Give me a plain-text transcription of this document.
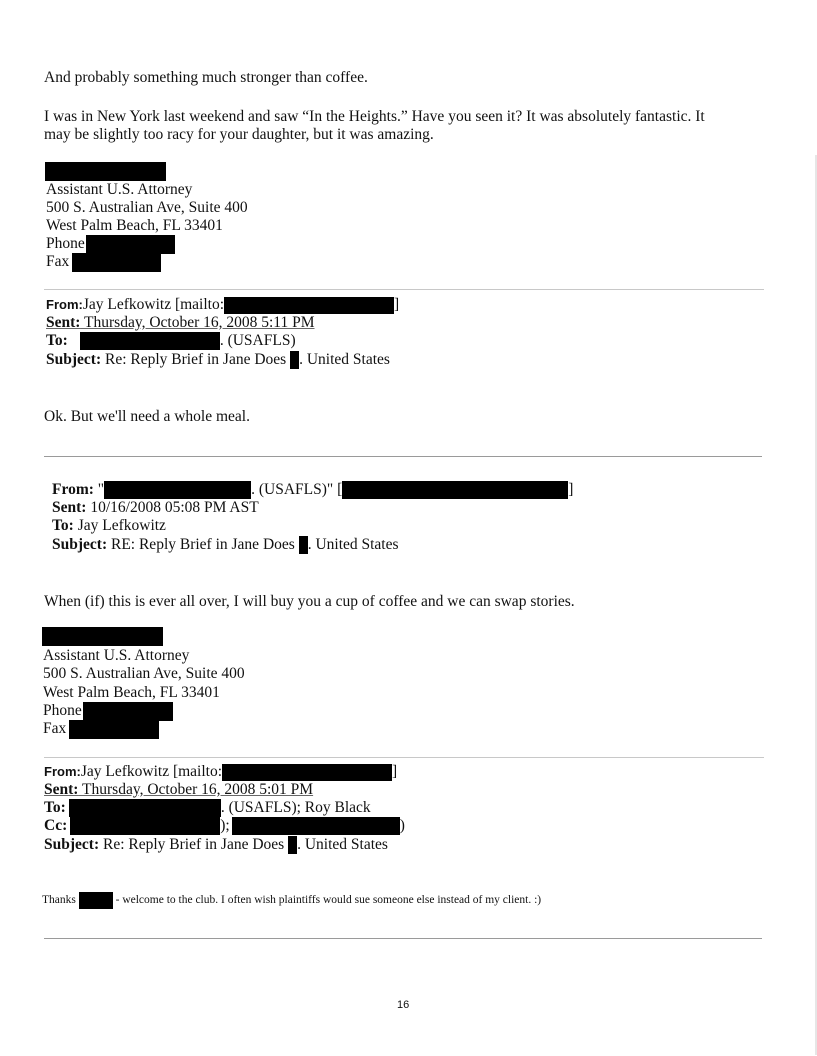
And probably something much stronger than coffee.
I was in New York last weekend and saw “In the Heights.” Have you seen it? It was absolutely fantastic. It
may be slightly too racy for your daughter, but it was amazing.
Assistant U.S. Attorney
500 S. Australian Ave, Suite 400
West Palm Beach, FL 33401
Phone
Fax
From:Jay Lefkowitz [mailto:	]
Sent: Thursday, October 16, 2008 5:11 PM
To:	. (USAFLS)
Subject: Re: Reply Brief in Jane Does . United States
Ok. But we'll need a whole meal.
From: "	. (USAFLS)" [	]
Sent: 10/16/2008 05:08 PM AST
To: Jay Lefkowitz
Subject: RE: Reply Brief in Jane Does . United States
When (if) this is ever all over, I will buy you a cup of coffee and we can swap stories.
Assistant U.S. Attorney
500 S. Australian Ave, Suite 400
West Palm Beach, FL 33401
Phone
Fax
From:Jay Lefkowitz [mailto:	]
Sent: Thursday, October 16, 2008 5:01 PM
To:	. (USAFLS); Roy Black
Cc:	);	)
Subject: Re: Reply Brief in Jane Does . United States
Thanks	- welcome to the club. I often wish plaintiffs would sue someone else instead of my client. :)
16
